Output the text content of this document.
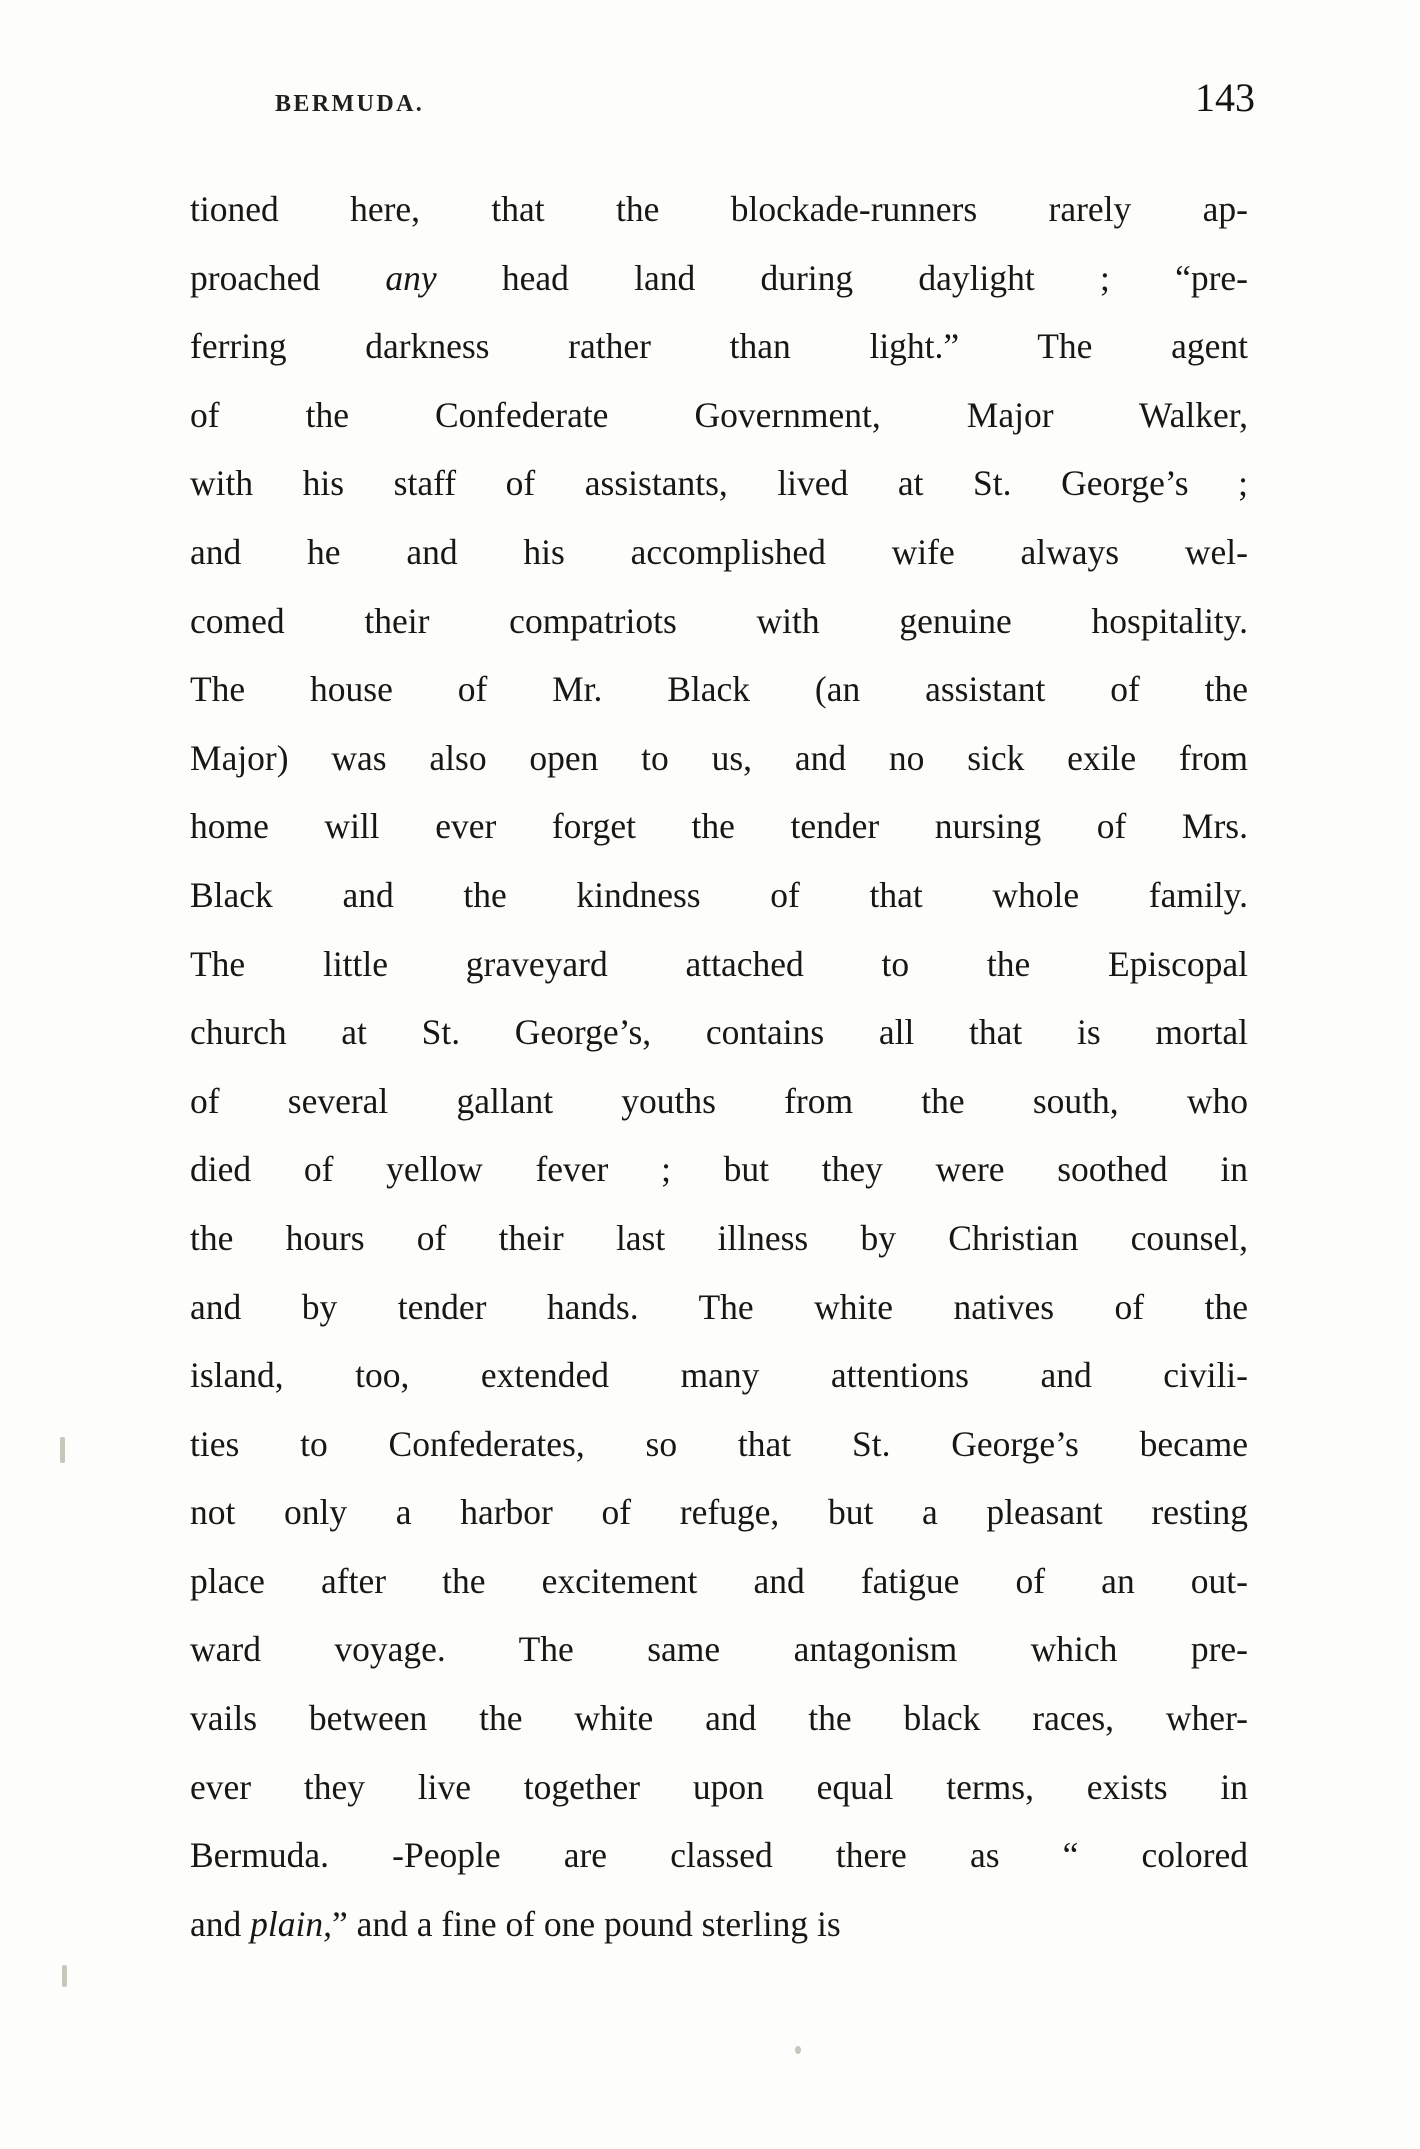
BERMUDA.	143

tioned here, that the blockade-runners rarely ap-
proached any head land during daylight ; “pre-
ferring darkness rather than light.” The agent
of the Confederate Government, Major Walker,
with his staff of assistants, lived at St. George’s ;
and he and his accomplished wife always wel-
comed their compatriots with genuine hospitality.
The house of Mr. Black (an assistant of the
Major) was also open to us, and no sick exile from
home will ever forget the tender nursing of Mrs.
Black and the kindness of that whole family.
The little graveyard attached to the Episcopal
church at St. George’s, contains all that is mortal
of several gallant youths from the south, who
died of yellow fever ; but they were soothed in
the hours of their last illness by Christian counsel,
and by tender hands. The white natives of the
island, too, extended many attentions and civili-
ties to Confederates, so that St. George’s became
not only a harbor of refuge, but a pleasant resting
place after the excitement and fatigue of an out-
ward voyage. The same antagonism which pre-
vails between the white and the black races, wher-
ever they live together upon equal terms, exists in
Bermuda. -People are classed there as “ colored
and plain,” and a fine of one pound sterling is
